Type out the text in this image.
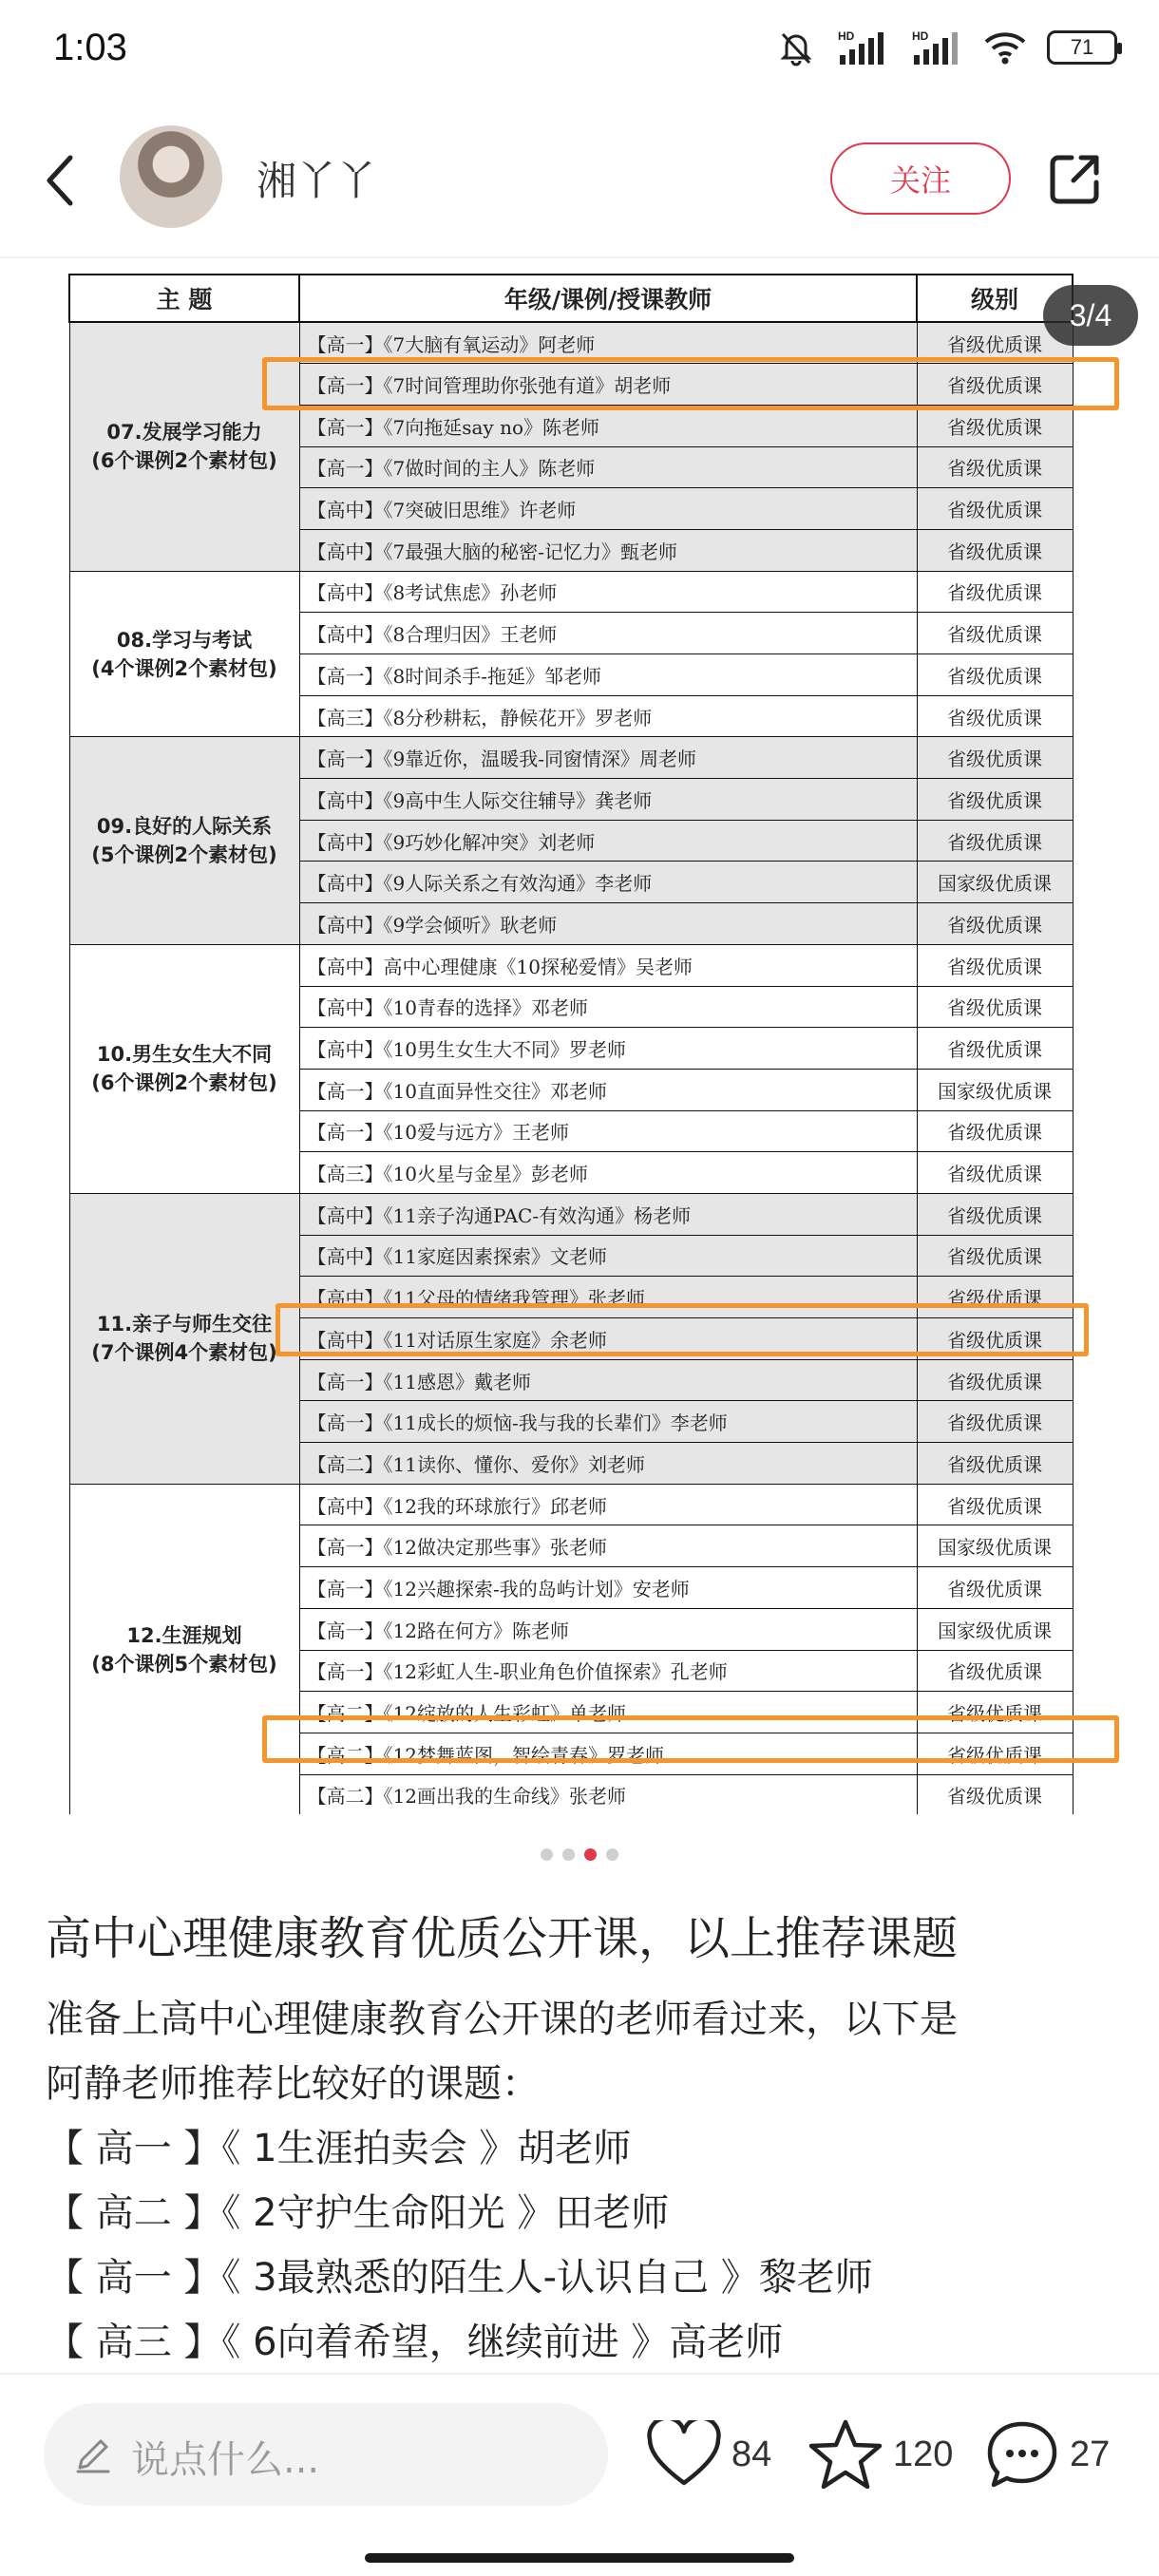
1:03	HD	HD	71
湘丫丫	关注
主 题	年级/课例/授课教师	级别
07.发展学习能力
(6个课例2个素材包)	【高一】《7大脑有氧运动》阿老师	省级优质课
	【高一】《7时间管理助你张弛有道》胡老师	省级优质课
	【高一】《7向拖延say no》陈老师	省级优质课
	【高一】《7做时间的主人》陈老师	省级优质课
	【高中】《7突破旧思维》许老师	省级优质课
	【高中】《7最强大脑的秘密-记忆力》甄老师	省级优质课
08.学习与考试
(4个课例2个素材包)	【高中】《8考试焦虑》孙老师	省级优质课
	【高中】《8合理归因》王老师	省级优质课
	【高一】《8时间杀手-拖延》邹老师	省级优质课
	【高三】《8分秒耕耘，静候花开》罗老师	省级优质课
09.良好的人际关系
(5个课例2个素材包)	【高一】《9靠近你，温暖我-同窗情深》周老师	省级优质课
	【高中】《9高中生人际交往辅导》龚老师	省级优质课
	【高中】《9巧妙化解冲突》刘老师	省级优质课
	【高中】《9人际关系之有效沟通》李老师	国家级优质课
	【高中】《9学会倾听》耿老师	省级优质课
10.男生女生大不同
(6个课例2个素材包)	【高中】高中心理健康《10探秘爱情》吴老师	省级优质课
	【高中】《10青春的选择》邓老师	省级优质课
	【高中】《10男生女生大不同》罗老师	省级优质课
	【高一】《10直面异性交往》邓老师	国家级优质课
	【高一】《10爱与远方》王老师	省级优质课
	【高三】《10火星与金星》彭老师	省级优质课
11.亲子与师生交往
(7个课例4个素材包)	【高中】《11亲子沟通PAC-有效沟通》杨老师	省级优质课
	【高中】《11家庭因素探索》文老师	省级优质课
	【高中】《11父母的情绪我管理》张老师	省级优质课
	【高中】《11对话原生家庭》余老师	省级优质课
	【高一】《11感恩》戴老师	省级优质课
	【高一】《11成长的烦恼-我与我的长辈们》李老师	省级优质课
	【高二】《11读你、懂你、爱你》刘老师	省级优质课
12.生涯规划
(8个课例5个素材包)	【高中】《12我的环球旅行》邱老师	省级优质课
	【高一】《12做决定那些事》张老师	国家级优质课
	【高一】《12兴趣探索-我的岛屿计划》安老师	省级优质课
	【高一】《12路在何方》陈老师	国家级优质课
	【高一】《12彩虹人生-职业角色价值探索》孔老师	省级优质课
	【高二】《12绽放的人生彩虹》单老师	省级优质课
	【高二】《12梦舞蓝图，智绘青春》罗老师	省级优质课
	【高二】《12画出我的生命线》张老师	省级优质课
3/4
高中心理健康教育优质公开课，以上推荐课题
准备上高中心理健康教育公开课的老师看过来，以下是
阿静老师推荐比较好的课题：
【 高一 】《 1生涯拍卖会 》胡老师
【 高二 】《 2守护生命阳光 》田老师
【 高一 】《 3最熟悉的陌生人-认识自己 》黎老师
【 高三 】《 6向着希望，继续前进 》高老师
说点什么...	84	120	27
